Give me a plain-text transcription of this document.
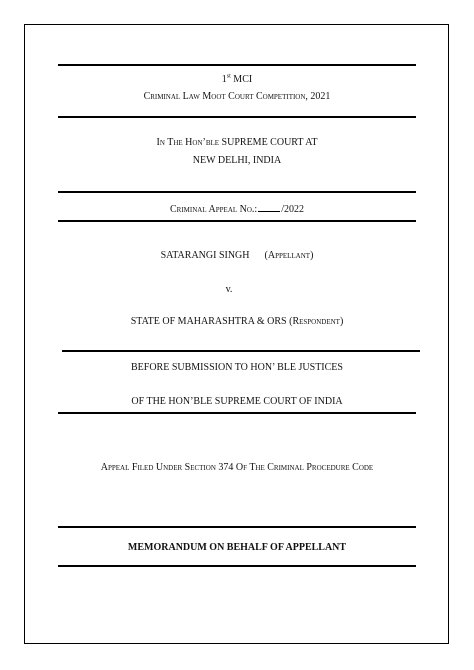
1st MCI
Criminal Law Moot Court Competition, 2021
In The Hon’ble SUPREME COURT AT
NEW DELHI, INDIA
Criminal Appeal No.: /2022
SATARANGI SINGH (Appellant)
v.
STATE OF MAHARASHTRA & ORS (Respondent)
BEFORE SUBMISSION TO HON’ BLE JUSTICES
OF THE HON’BLE SUPREME COURT OF INDIA
Appeal Filed Under Section 374 Of The Criminal Procedure Code
MEMORANDUM ON BEHALF OF APPELLANT
